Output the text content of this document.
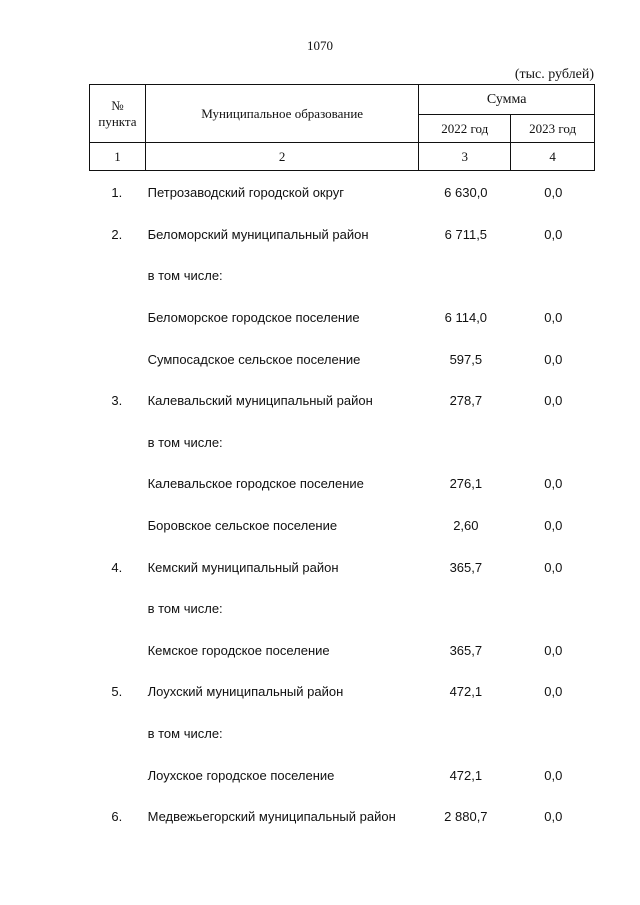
1070
(тыс. рублей)
№
пункта	Муниципальное образование	Сумма	
		2022 год	2023 год
1	2	3	4
1.	Петрозаводский городской округ	6 630,0	0,0
2.	Беломорский муниципальный район	6 711,5	0,0
	в том числе:		
	Беломорское городское поселение	6 114,0	0,0
	Сумпосадское сельское поселение	597,5	0,0
3.	Калевальский муниципальный район	278,7	0,0
	в том числе:		
	Калевальское городское поселение	276,1	0,0
	Боровское сельское поселение	2,60	0,0
4.	Кемский муниципальный район	365,7	0,0
	в том числе:		
	Кемское городское поселение	365,7	0,0
5.	Лоухский муниципальный район	472,1	0,0
	в том числе:		
	Лоухское городское поселение	472,1	0,0
6.	Медвежьегорский муниципальный район	2 880,7	0,0
